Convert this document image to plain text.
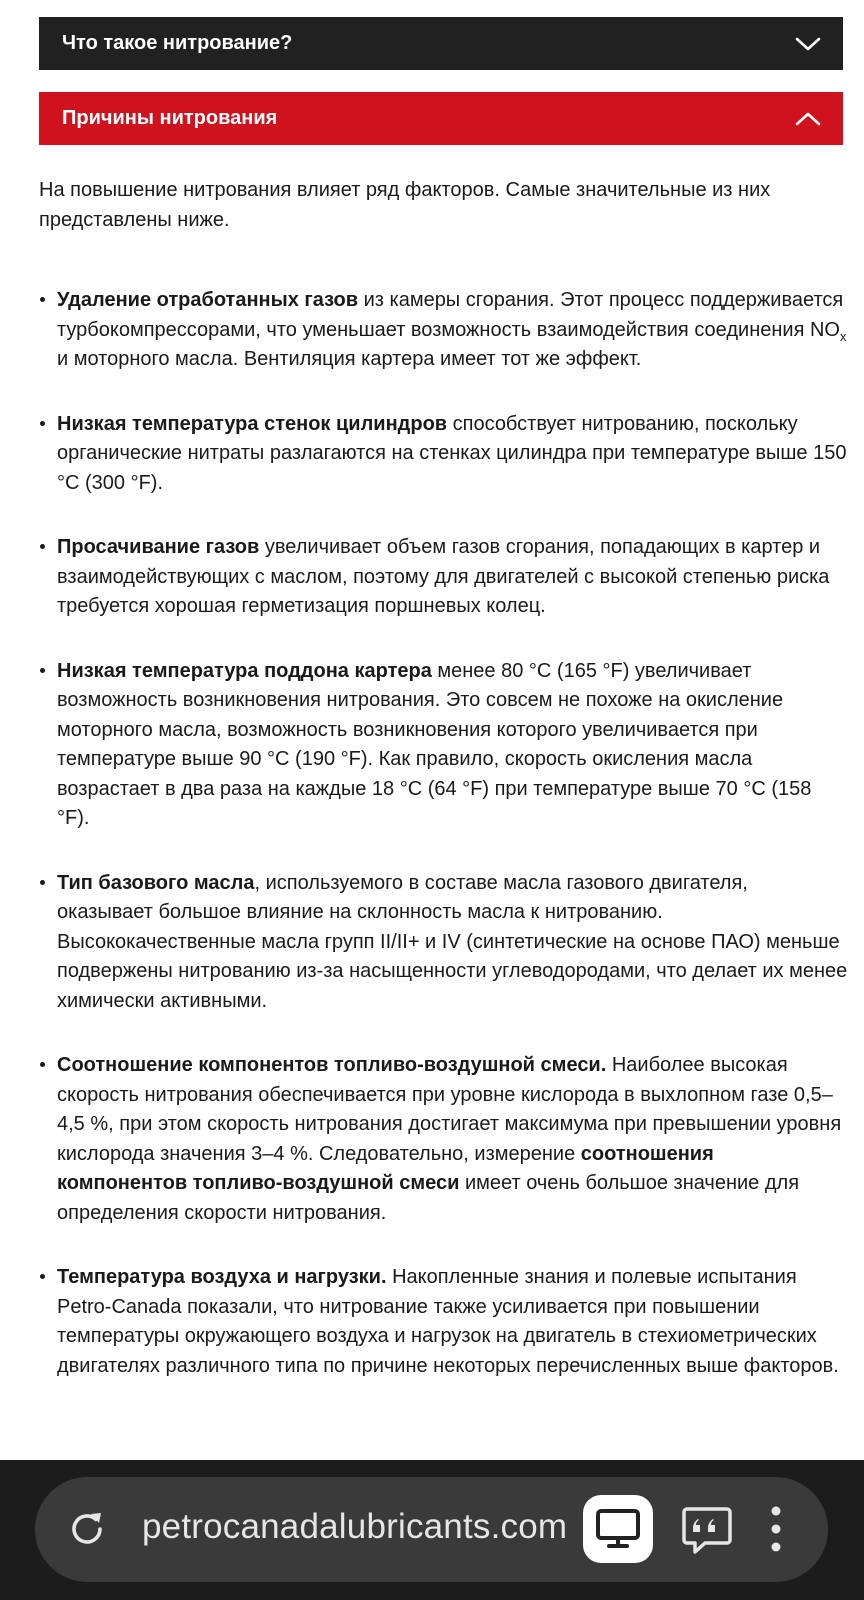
Что такое нитрование?
Причины нитрования

На повышение нитрования влияет ряд факторов. Самые значительные из них представлены ниже.

Удаление отработанных газов из камеры сгорания. Этот процесс поддерживается турбокомпрессорами, что уменьшает возможность взаимодействия соединения $NO_x$ и моторного масла. Вентиляция картера имеет тот же эффект.
Низкая температура стенок цилиндров способствует нитрованию, поскольку органические нитраты разлагаются на стенках цилиндра при температуре выше 150 °C (300 °F).
Просачивание газов увеличивает объем газов сгорания, попадающих в картер и взаимодействующих с маслом, поэтому для двигателей с высокой степенью риска требуется хорошая герметизация поршневых колец.
Низкая температура поддона картера менее 80 °C (165 °F) увеличивает возможность возникновения нитрования. Это совсем не похоже на окисление моторного масла, возможность возникновения которого увеличивается при температуре выше 90 °C (190 °F). Как правило, скорость окисления масла возрастает в два раза на каждые 18 °C (64 °F) при температуре выше 70 °C (158 °F).
Тип базового масла, используемого в составе масла газового двигателя, оказывает большое влияние на склонность масла к нитрованию. Высококачественные масла групп II/II+ и IV (синтетические на основе ПАО) меньше подвержены нитрованию из-за насыщенности углеводородами, что делает их менее химически активными.
Соотношение компонентов топливо-воздушной смеси. Наиболее высокая скорость нитрования обеспечивается при уровне кислорода в выхлопном газе 0,5–4,5 %, при этом скорость нитрования достигает максимума при превышении уровня кислорода значения 3–4 %. Следовательно, измерение соотношения компонентов топливо-воздушной смеси имеет очень большое значение для определения скорости нитрования.
Температура воздуха и нагрузки. Накопленные знания и полевые испытания Petro-Canada показали, что нитрование также усиливается при повышении температуры окружающего воздуха и нагрузок на двигатель в стехиометрических двигателях различного типа по причине некоторых перечисленных выше факторов.
petrocanadalubricants.com
